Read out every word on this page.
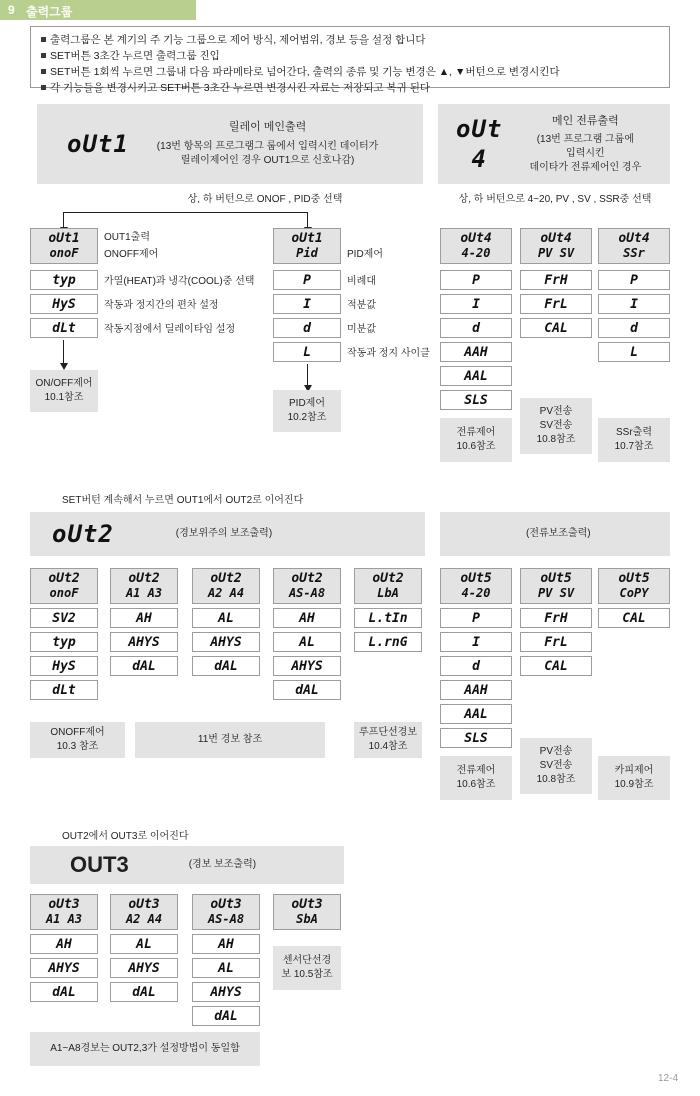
9 출력그룹

출력그룹은 본 계기의 주 기능 그룹으로 제어 방식, 제어범위, 경보 등을 설정 합니다

SET버튼 3초간 누르면 출력그룹 진입

SET버튼 1회씩 누르면 그룹내 다음 파라메타로 넘어간다, 출력의 종류 및 기능 변경은 ▲, ▼버턴으로 변경시킨다

각 기능들을 변경시키고 SET버튼 3초간 누르면 변경시킨 자료는 저장되고 복귀 된다

oUt1
릴레이 메인출력
(13번 항목의 프로그램그 룹에서 입력시킨 데이터가
릴레이제어인 경우 OUT1으로 신호나감)
상, 하 버턴으로 ONOF , PID중 선택
oUt1
onoF
OUT1출력
ONOFF제어
typ	가열(HEAT)과 냉각(COOL)중 선택
HyS	작동과 정지간의 편차 설정
dLt	작동지점에서 딜레이타임 설정
ON/OFF제어
10.1참조
oUt1
Pid	PID제어
P	비례대
I	적분값
d	미분값
L	작동과 정지 사이클
PID제어
10.2참조
oUt
4
메인 전류출력
(13번 프로그램 그룹에
입력시킨
데이타가 전류제어인 경우
상, 하 버턴으로 4~20, PV , SV , SSR중 선택
oUt4
4-20
P
I
d
AAH
AAL
SLS
전류제어
10.6참조
oUt4
PV SV
FrH
FrL
CAL
PV전송
SV전송
10.8참조
oUt4
SSr
P
I
d
L
SSr출력
10.7참조
SET버턴 계속해서 누르면 OUT1에서 OUT2로 이어진다
oUt2	(경보위주의 보조출력)	(전류보조출력)
oUt2
onoF
SV2
typ
HyS
dLt
oUt2
A1 A3
AH
AHYS
dAL
oUt2
A2 A4
AL
AHYS
dAL
oUt2
AS-A8
AH
AL
AHYS
dAL
oUt2
LbA
L.tIn
L.rnG
ONOFF제어
10.3 참조
11번 경보 참조
루프단선경보
10.4참조
oUt5
4-20
P
I
d
AAH
AAL
SLS
전류제어
10.6참조
oUt5
PV SV
FrH
FrL
CAL
PV전송
SV전송
10.8참조
oUt5
CoPY
CAL
카피제어
10.9참조
OUT2에서 OUT3로 이어진다
OUT3	(경보 보조출력)
oUt3
A1 A3
AH
AHYS
dAL
oUt3
A2 A4
AL
AHYS
dAL
oUt3
AS-A8
AH
AL
AHYS
dAL
oUt3
SbA
센서단선경
보 10.5참조
A1~A8경보는 OUT2,3가 설정방법이 동일함
12-4
